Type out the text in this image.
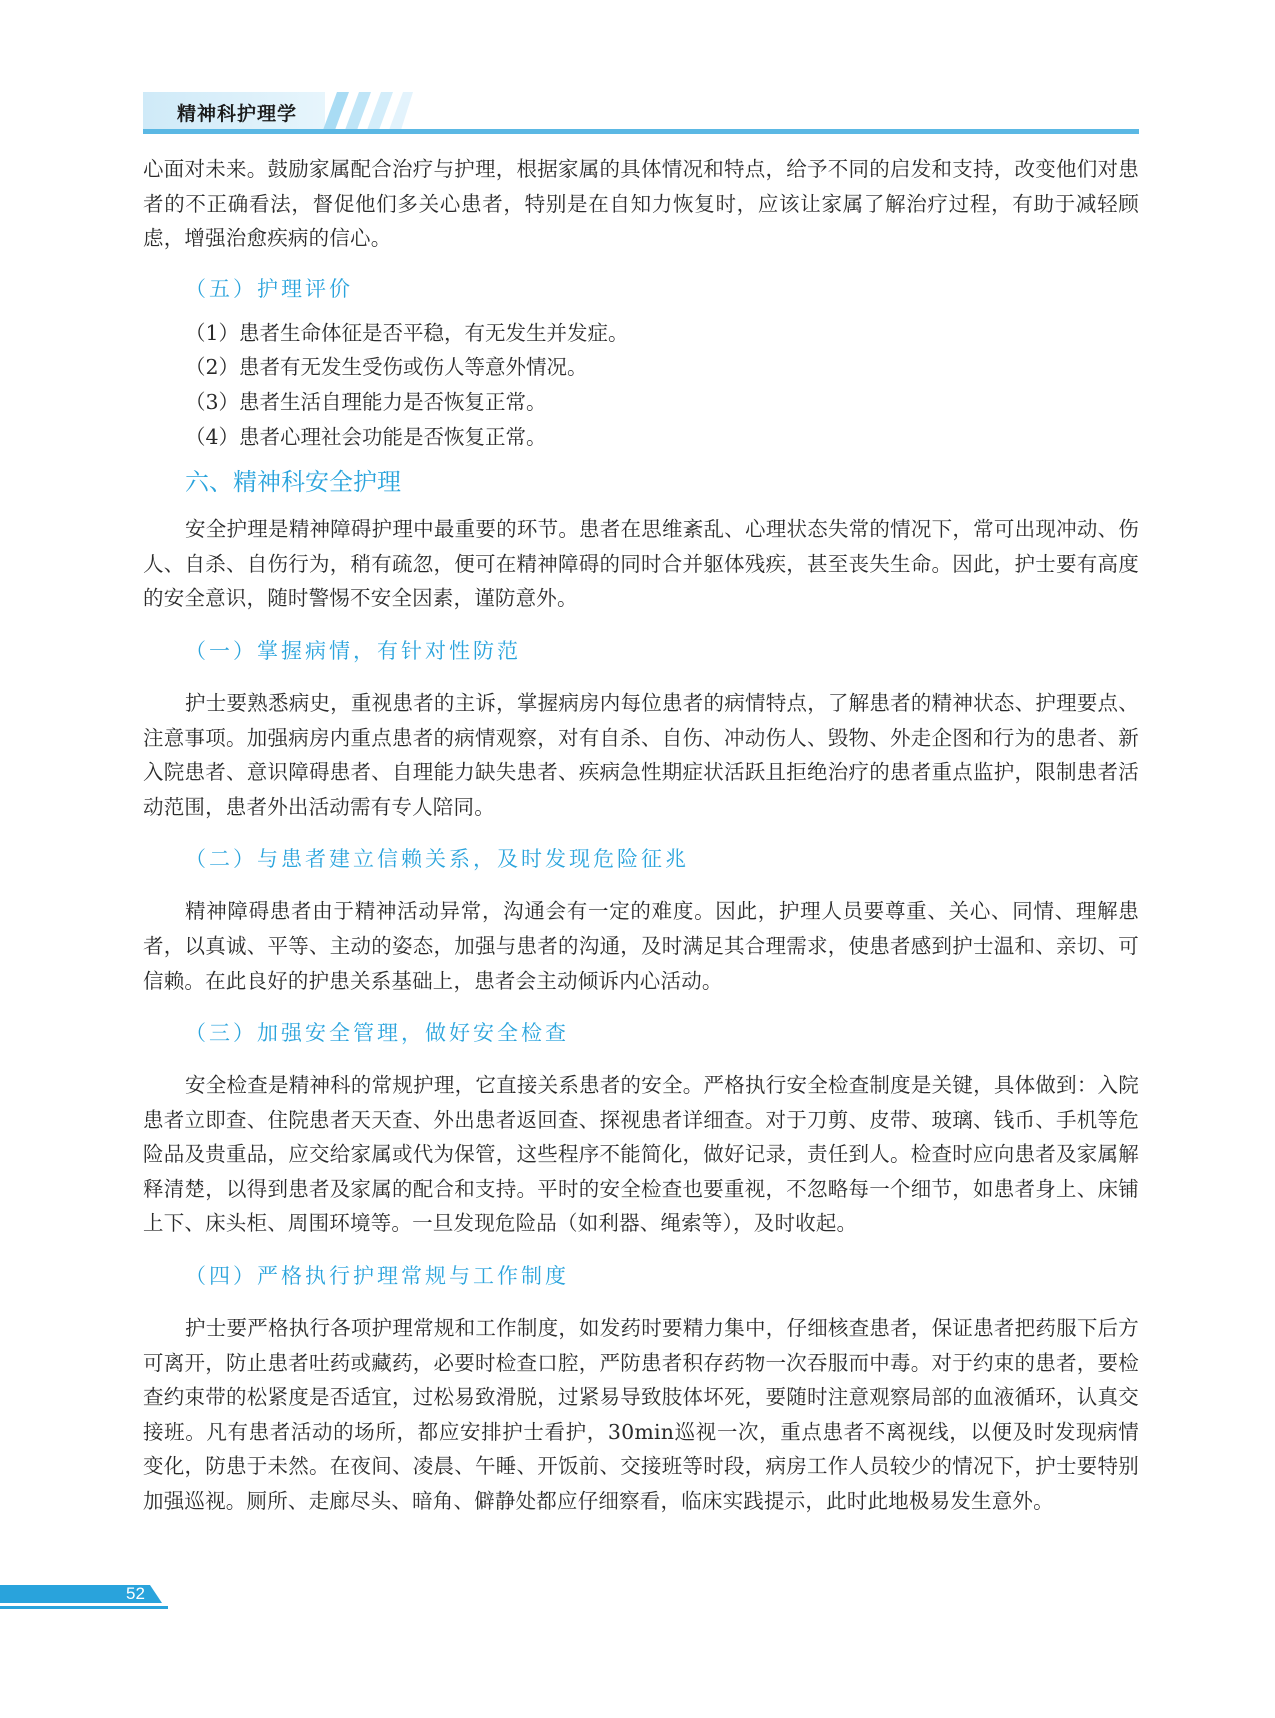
精神科护理学

心面对未来。鼓励家属配合治疗与护理，根据家属的具体情况和特点，给予不同的启发和支持，改变他们对患者的不正确看法，督促他们多关心患者，特别是在自知力恢复时，应该让家属了解治疗过程，有助于减轻顾虑，增强治愈疾病的信心。

（五）护理评价

（1）患者生命体征是否平稳，有无发生并发症。

（2）患者有无发生受伤或伤人等意外情况。

（3）患者生活自理能力是否恢复正常。

（4）患者心理社会功能是否恢复正常。

六、精神科安全护理

安全护理是精神障碍护理中最重要的环节。患者在思维紊乱、心理状态失常的情况下，常可出现冲动、伤人、自杀、自伤行为，稍有疏忽，便可在精神障碍的同时合并躯体残疾，甚至丧失生命。因此，护士要有高度的安全意识，随时警惕不安全因素，谨防意外。

（一）掌握病情，有针对性防范

护士要熟悉病史，重视患者的主诉，掌握病房内每位患者的病情特点，了解患者的精神状态、护理要点、注意事项。加强病房内重点患者的病情观察，对有自杀、自伤、冲动伤人、毁物、外走企图和行为的患者、新入院患者、意识障碍患者、自理能力缺失患者、疾病急性期症状活跃且拒绝治疗的患者重点监护，限制患者活动范围，患者外出活动需有专人陪同。

（二）与患者建立信赖关系，及时发现危险征兆

精神障碍患者由于精神活动异常，沟通会有一定的难度。因此，护理人员要尊重、关心、同情、理解患者，以真诚、平等、主动的姿态，加强与患者的沟通，及时满足其合理需求，使患者感到护士温和、亲切、可信赖。在此良好的护患关系基础上，患者会主动倾诉内心活动。

（三）加强安全管理，做好安全检查

安全检查是精神科的常规护理，它直接关系患者的安全。严格执行安全检查制度是关键，具体做到：入院患者立即查、住院患者天天查、外出患者返回查、探视患者详细查。对于刀剪、皮带、玻璃、钱币、手机等危险品及贵重品，应交给家属或代为保管，这些程序不能简化，做好记录，责任到人。检查时应向患者及家属解释清楚，以得到患者及家属的配合和支持。平时的安全检查也要重视，不忽略每一个细节，如患者身上、床铺上下、床头柜、周围环境等。一旦发现危险品（如利器、绳索等），及时收起。

（四）严格执行护理常规与工作制度

护士要严格执行各项护理常规和工作制度，如发药时要精力集中，仔细核查患者，保证患者把药服下后方可离开，防止患者吐药或藏药，必要时检查口腔，严防患者积存药物一次吞服而中毒。对于约束的患者，要检查约束带的松紧度是否适宜，过松易致滑脱，过紧易导致肢体坏死，要随时注意观察局部的血液循环，认真交接班。凡有患者活动的场所，都应安排护士看护，30min巡视一次，重点患者不离视线，以便及时发现病情变化，防患于未然。在夜间、凌晨、午睡、开饭前、交接班等时段，病房工作人员较少的情况下，护士要特别加强巡视。厕所、走廊尽头、暗角、僻静处都应仔细察看，临床实践提示，此时此地极易发生意外。

52
